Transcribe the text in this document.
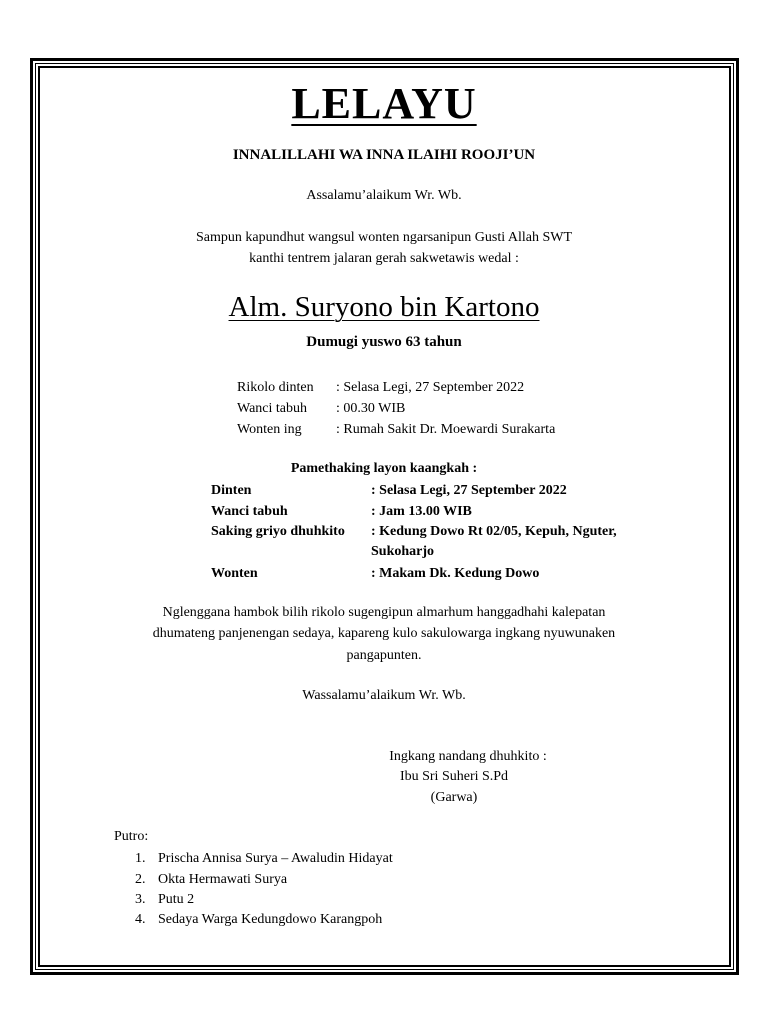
LELAYU
INNALILLAHI WA INNA ILAIHI ROOJI’UN
Assalamu’alaikum Wr. Wb.
Sampun kapundhut wangsul wonten ngarsanipun Gusti Allah SWT
kanthi tentrem jalaran gerah sakwetawis wedal :
Alm. Suryono bin Kartono
Dumugi yuswo 63 tahun
Rikolo dinten : Selasa Legi, 27 September 2022
Wanci tabuh : 00.30 WIB
Wonten ing : Rumah Sakit Dr. Moewardi Surakarta
Pamethaking layon kaangkah :
Dinten	: Selasa Legi, 27 September 2022
Wanci tabuh	: Jam 13.00 WIB
Saking griyo dhuhkito : Kedung Dowo Rt 02/05, Kepuh, Nguter,
Sukoharjo
Wonten	: Makam Dk. Kedung Dowo
Nglenggana hambok bilih rikolo sugengipun almarhum hanggadhahi kalepatan
dhumateng panjenengan sedaya, kapareng kulo sakulowarga ingkang nyuwunaken
pangapunten.
Wassalamu’alaikum Wr. Wb.
Ingkang nandang dhuhkito :
Ibu Sri Suheri S.Pd
(Garwa)
Putro:
1. Prischa Annisa Surya – Awaludin Hidayat
2. Okta Hermawati Surya
3. Putu 2
4. Sedaya Warga Kedungdowo Karangpoh
